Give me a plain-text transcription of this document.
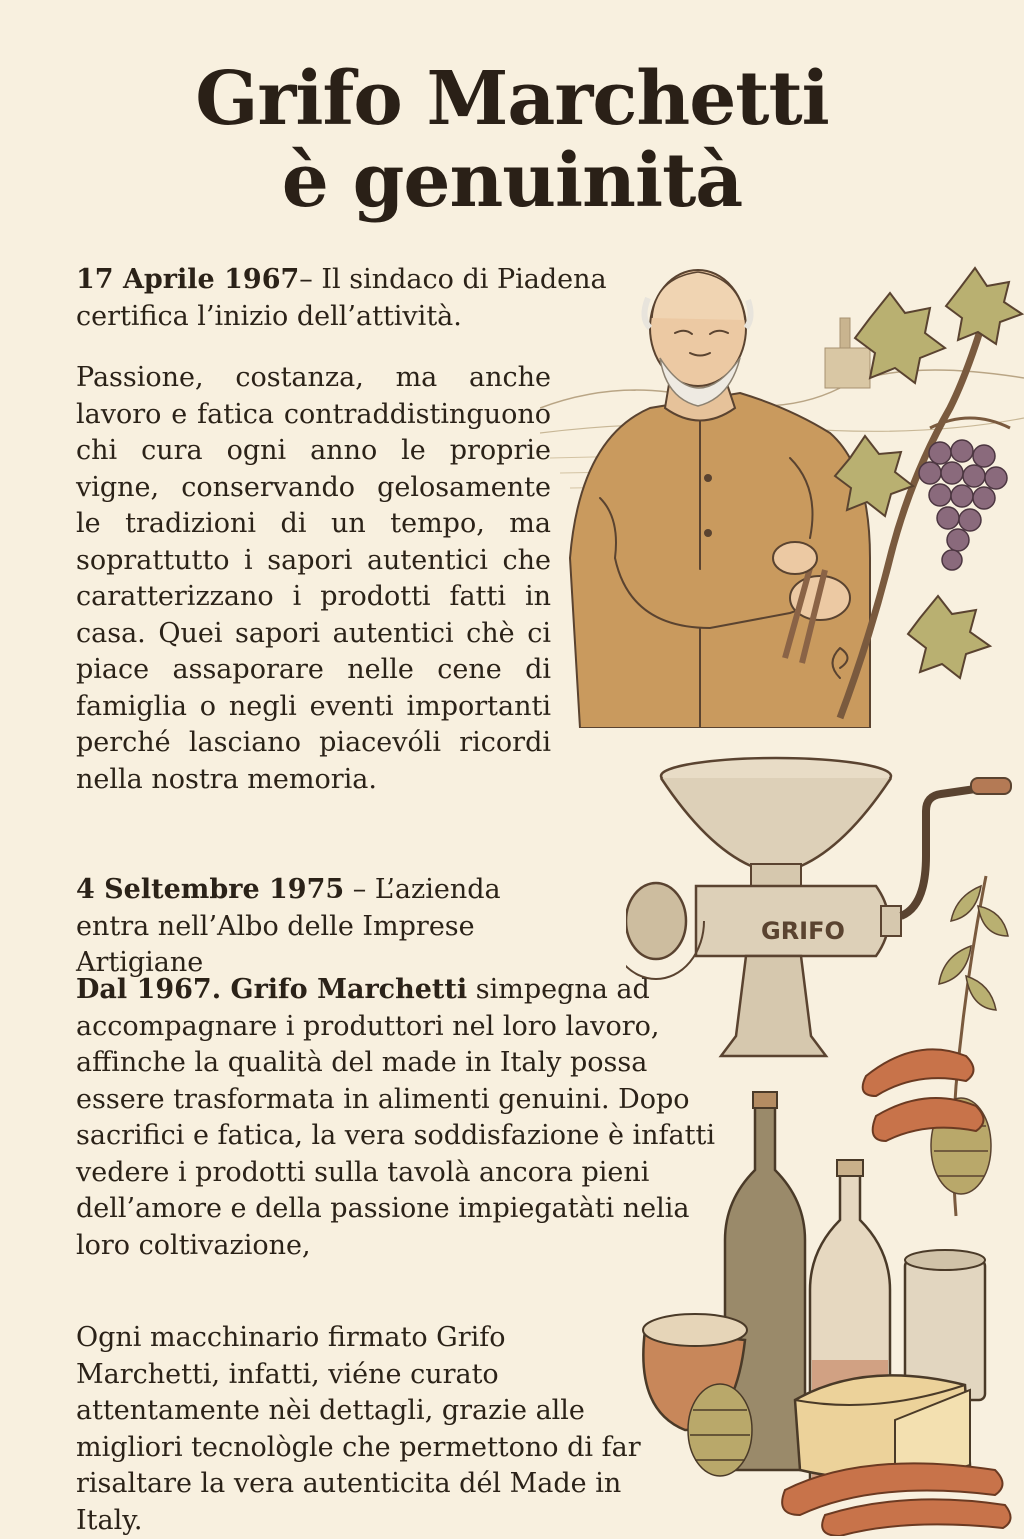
Grifo Marchetti
è genuinità

17 Aprile 1967– Il sindaco di Piadena certifica l’inizio dell’attività.

Passione, costanza, ma anche lavoro e fatica contraddistinguono chi cura ogni anno le proprie vigne, conservando gelosamente le tradizioni di un tempo, ma soprattutto i sapori autentici che caratterizzano i prodotti fatti in casa. Quei sapori autentici chè ci piace assaporare nelle cene di famiglia o negli eventi importanti perché lasciano piacevóli ricordi nella nostra memoria.

4 Seltembre 1975 – L’azienda entra nell’Albo delle Imprese Artigiane

Dal 1967. Grifo Marchetti simpegna ad accompagnare i produttori nel loro lavoro, affinche la qualità del made in Italy possa essere trasformata in alimenti genuini. Dopo sacrifici e fatica, la vera soddisfazione è infatti vedere i prodotti sulla tavolà ancora pieni dell’amore e della passione impiegatàti nelia loro coltivazione,

Ogni macchinario firmato Grifo Marchetti, infatti, viéne curato attentamente nèi dettagli, grazie alle migliori tecnològle che permettono di far risaltare la vera autenticita dél Made in Italy.

GRIFO
